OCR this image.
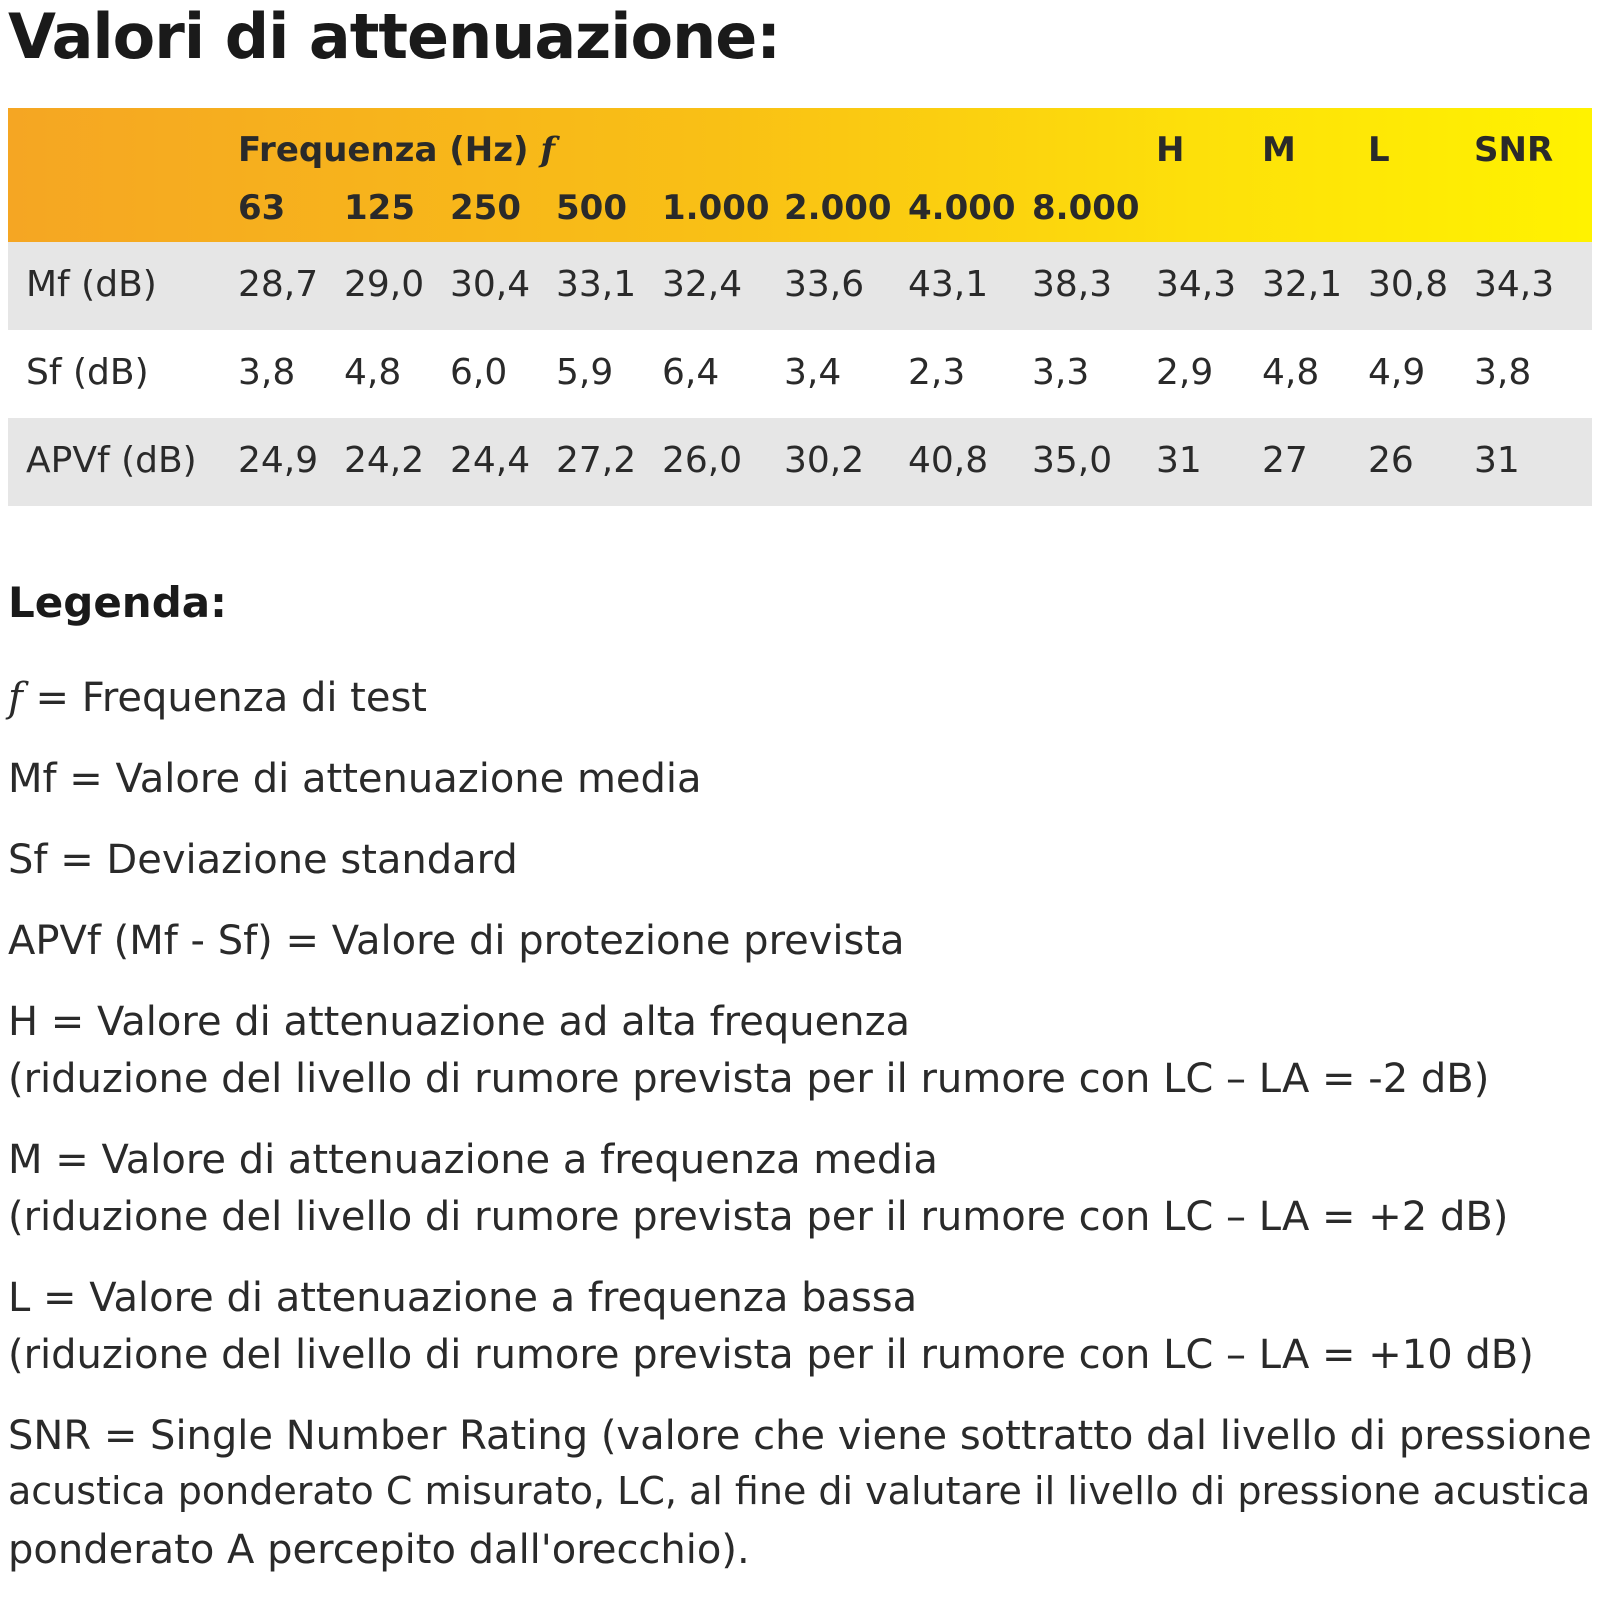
Valori di attenuazione:
Frequenza (Hz) f	H M L SNR
63 125 250 500 1.000 2.000 4.000 8.000
Mf (dB) 28,7 29,0 30,4 33,1 32,4 33,6 43,1 38,3 34,3 32,1 30,8 34,3
Sf (dB) 3,8 4,8 6,0 5,9 6,4 3,4 2,3 3,3 2,9 4,8 4,9 3,8
APVf (dB) 24,9 24,2 24,4 27,2 26,0 30,2 40,8 35,0 31 27 26 31
Legenda:

f = Frequenza di test

Mf = Valore di attenuazione media

Sf = Deviazione standard

APVf (Mf - Sf) = Valore di protezione prevista

H = Valore di attenuazione ad alta frequenza

(riduzione del livello di rumore prevista per il rumore con LC – LA = -2 dB)

M = Valore di attenuazione a frequenza media

(riduzione del livello di rumore prevista per il rumore con LC – LA = +2 dB)

L = Valore di attenuazione a frequenza bassa

(riduzione del livello di rumore prevista per il rumore con LC – LA = +10 dB)

SNR = Single Number Rating (valore che viene sottratto dal livello di pressione

acustica ponderato C misurato, LC, al fine di valutare il livello di pressione acustica

ponderato A percepito dall'orecchio).
